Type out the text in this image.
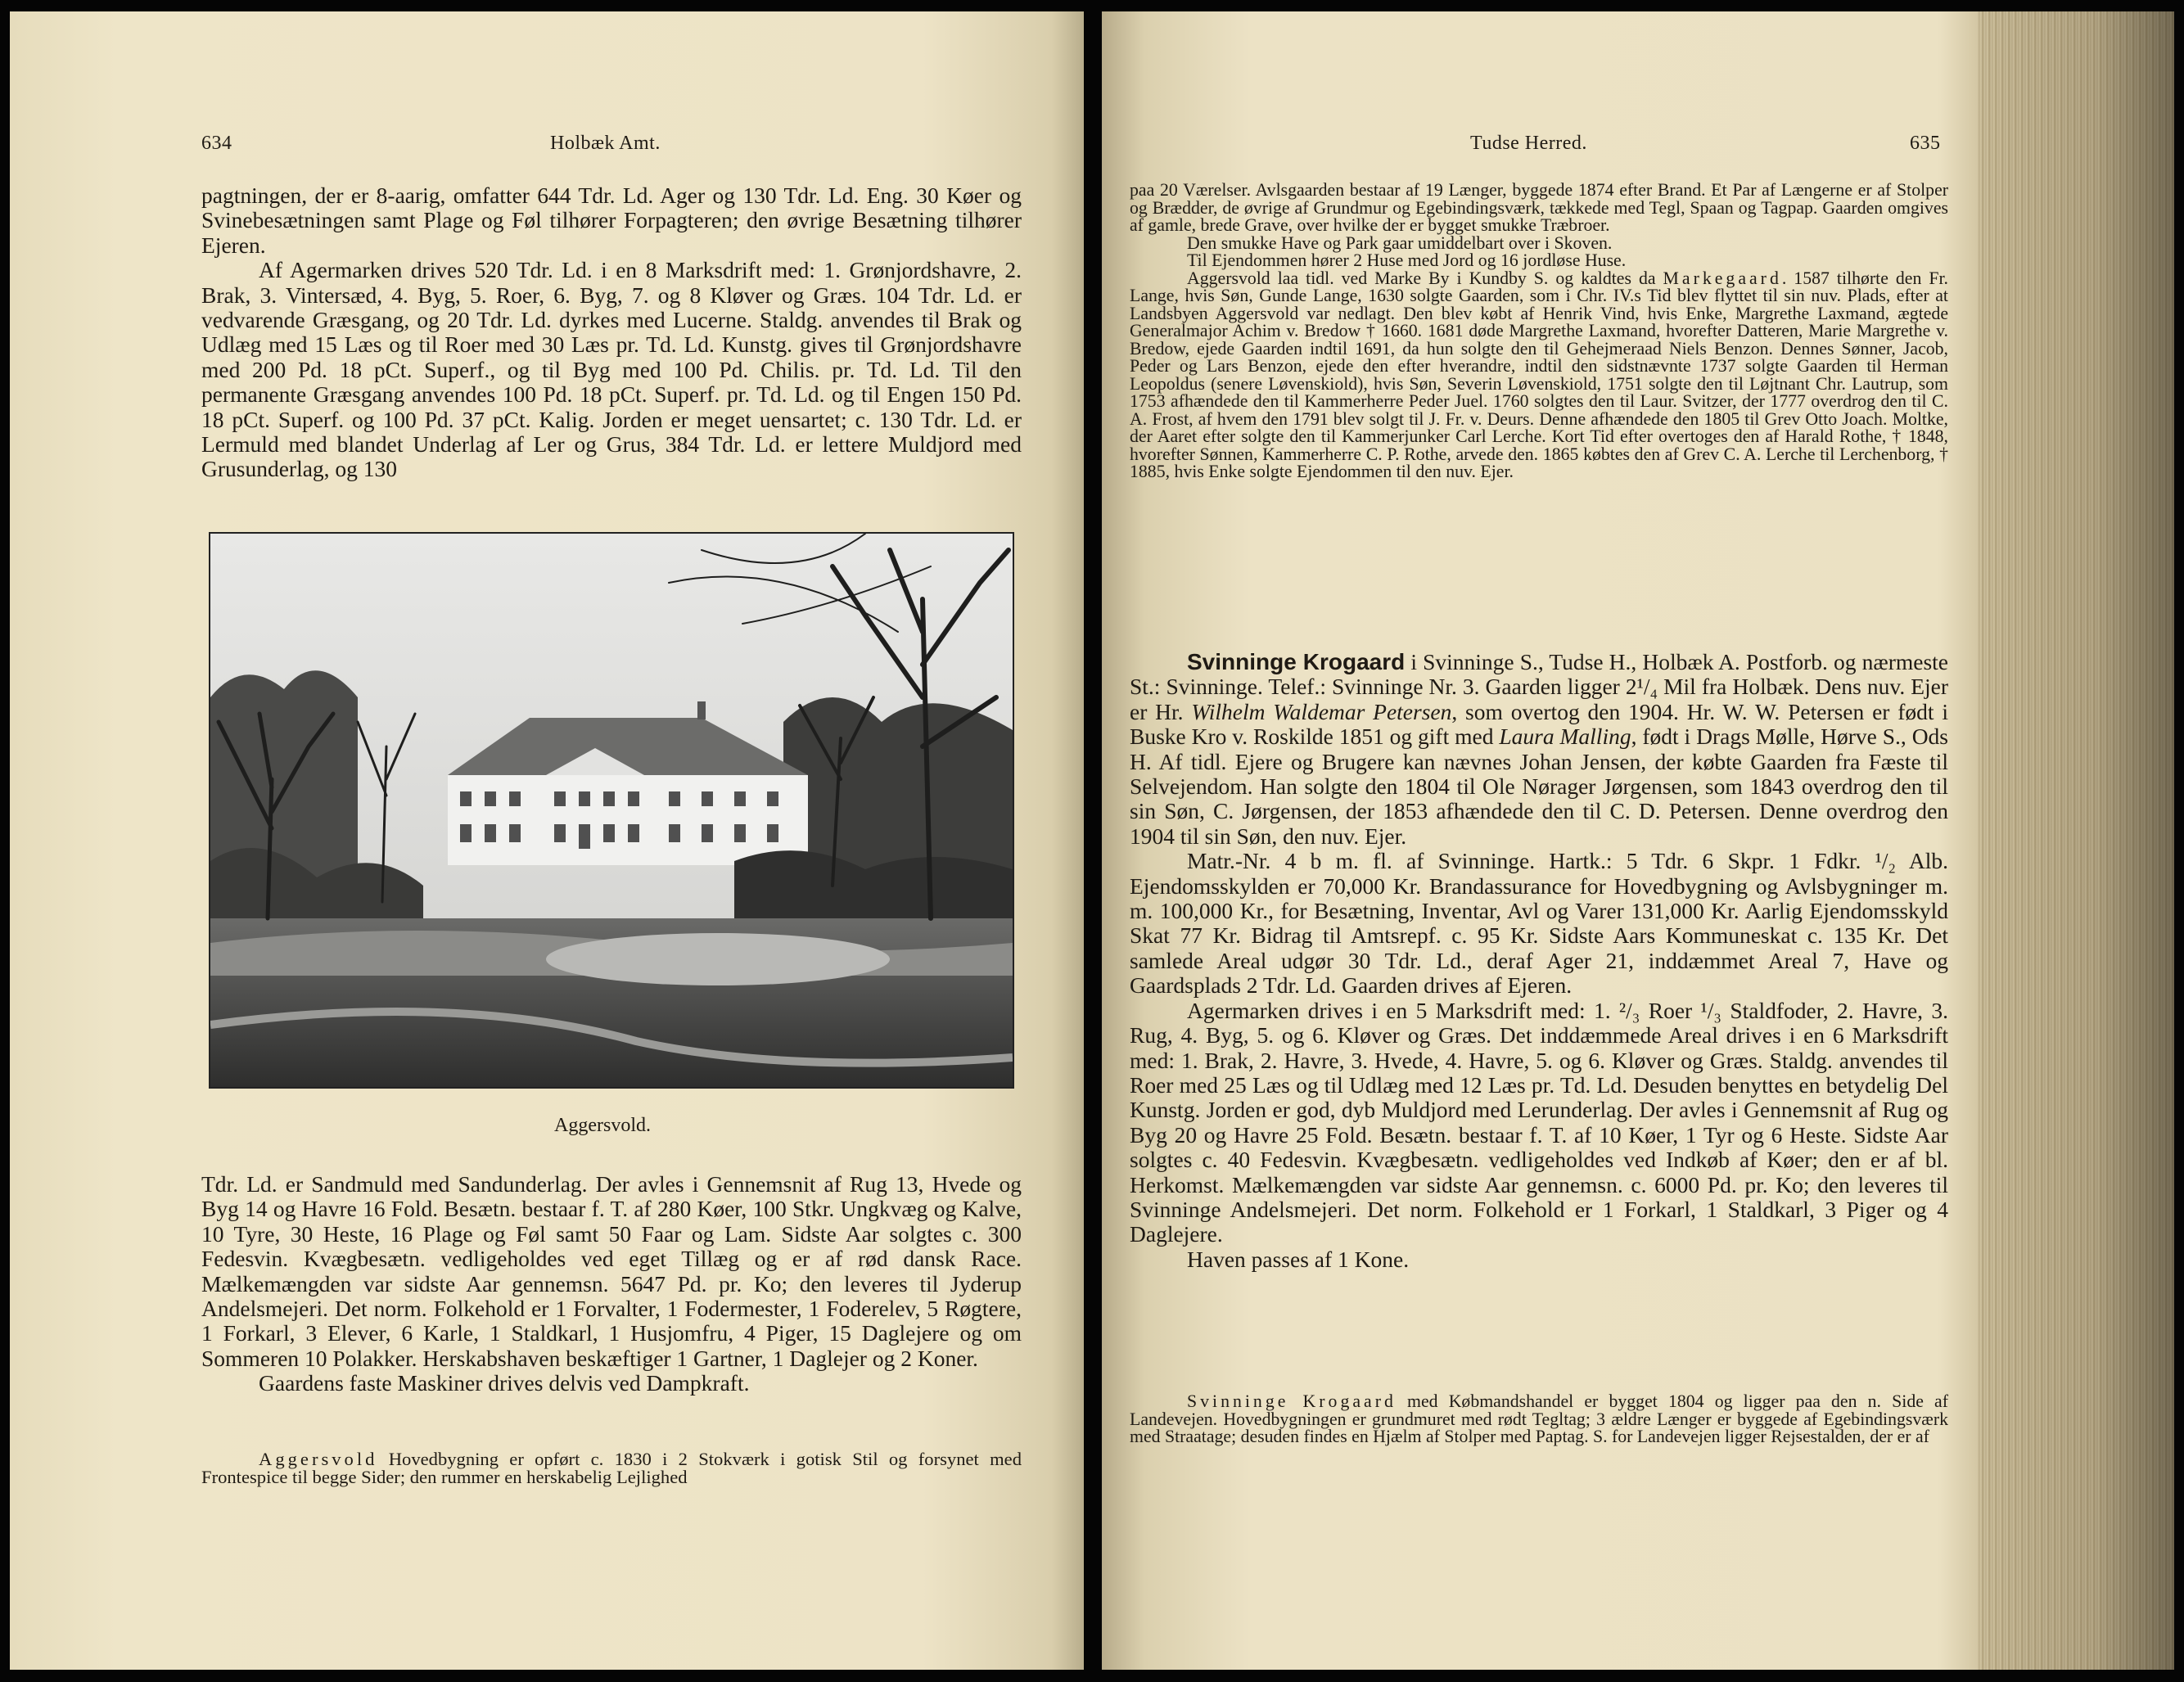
634	Holbæk Amt.

pagtningen, der er 8-aarig, omfatter 644 Tdr. Ld. Ager og 130 Tdr. Ld. Eng. 30 Køer og Svinebesætningen samt Plage og Føl tilhører Forpagteren; den øvrige Besætning tilhører Ejeren.

Af Agermarken drives 520 Tdr. Ld. i en 8 Marksdrift med: 1. Grønjordshavre, 2. Brak, 3. Vintersæd, 4. Byg, 5. Roer, 6. Byg, 7. og 8 Kløver og Græs. 104 Tdr. Ld. er vedvarende Græsgang, og 20 Tdr. Ld. dyrkes med Lucerne. Staldg. anvendes til Brak og Udlæg med 15 Læs og til Roer med 30 Læs pr. Td. Ld. Kunstg. gives til Grønjordshavre med 200 Pd. 18 pCt. Superf., og til Byg med 100 Pd. Chilis. pr. Td. Ld. Til den permanente Græsgang anvendes 100 Pd. 18 pCt. Superf. pr. Td. Ld. og til Engen 150 Pd. 18 pCt. Superf. og 100 Pd. 37 pCt. Kalig. Jorden er meget uensartet; c. 130 Tdr. Ld. er Lermuld med blandet Underlag af Ler og Grus, 384 Tdr. Ld. er lettere Muldjord med Grusunderlag, og 130

Aggersvold.

Tdr. Ld. er Sandmuld med Sandunderlag. Der avles i Gennemsnit af Rug 13, Hvede og Byg 14 og Havre 16 Fold. Besætn. bestaar f. T. af 280 Køer, 100 Stkr. Ungkvæg og Kalve, 10 Tyre, 30 Heste, 16 Plage og Føl samt 50 Faar og Lam. Sidste Aar solgtes c. 300 Fedesvin. Kvægbesætn. vedligeholdes ved eget Tillæg og er af rød dansk Race. Mælkemængden var sidste Aar gennemsn. 5647 Pd. pr. Ko; den leveres til Jyderup Andelsmejeri. Det norm. Folkehold er 1 Forvalter, 1 Fodermester, 1 Foderelev, 5 Røgtere, 1 Forkarl, 3 Elever, 6 Karle, 1 Staldkarl, 1 Husjomfru, 4 Piger, 15 Daglejere og om Sommeren 10 Polakker. Herskabshaven beskæftiger 1 Gartner, 1 Daglejer og 2 Koner.

Gaardens faste Maskiner drives delvis ved Dampkraft.

Aggersvold Hovedbygning er opført c. 1830 i 2 Stokværk i gotisk Stil og forsynet med Frontespice til begge Sider; den rummer en herskabelig Lejlighed

Tudse Herred.	635

paa 20 Værelser. Avlsgaarden bestaar af 19 Længer, byggede 1874 efter Brand. Et Par af Længerne er af Stolper og Brædder, de øvrige af Grundmur og Egebindingsværk, tækkede med Tegl, Spaan og Tagpap. Gaarden omgives af gamle, brede Grave, over hvilke der er bygget smukke Træbroer.

Den smukke Have og Park gaar umiddelbart over i Skoven.

Til Ejendommen hører 2 Huse med Jord og 16 jordløse Huse.

Aggersvold laa tidl. ved Marke By i Kundby S. og kaldtes da Markegaard. 1587 tilhørte den Fr. Lange, hvis Søn, Gunde Lange, 1630 solgte Gaarden, som i Chr. IV.s Tid blev flyttet til sin nuv. Plads, efter at Landsbyen Aggersvold var nedlagt. Den blev købt af Henrik Vind, hvis Enke, Margrethe Laxmand, ægtede Generalmajor Achim v. Bredow † 1660. 1681 døde Margrethe Laxmand, hvorefter Datteren, Marie Margrethe v. Bredow, ejede Gaarden indtil 1691, da hun solgte den til Gehejmeraad Niels Benzon. Dennes Sønner, Jacob, Peder og Lars Benzon, ejede den efter hverandre, indtil den sidstnævnte 1737 solgte Gaarden til Herman Leopoldus (senere Løvenskiold), hvis Søn, Severin Løvenskiold, 1751 solgte den til Løjtnant Chr. Lautrup, som 1753 afhændede den til Kammerherre Peder Juel. 1760 solgtes den til Laur. Svitzer, der 1777 overdrog den til C. A. Frost, af hvem den 1791 blev solgt til J. Fr. v. Deurs. Denne afhændede den 1805 til Grev Otto Joach. Moltke, der Aaret efter solgte den til Kammerjunker Carl Lerche. Kort Tid efter overtoges den af Harald Rothe, † 1848, hvorefter Sønnen, Kammerherre C. P. Rothe, arvede den. 1865 købtes den af Grev C. A. Lerche til Lerchenborg, † 1885, hvis Enke solgte Ejendommen til den nuv. Ejer.

Svinninge Krogaard i Svinninge S., Tudse H., Holbæk A. Postforb. og nærmeste St.: Svinninge. Telef.: Svinninge Nr. 3. Gaarden ligger 2¹/₄ Mil fra Holbæk. Dens nuv. Ejer er Hr. Wilhelm Waldemar Petersen, som overtog den 1904. Hr. W. W. Petersen er født i Buske Kro v. Roskilde 1851 og gift med Laura Malling, født i Drags Mølle, Hørve S., Ods H. Af tidl. Ejere og Brugere kan nævnes Johan Jensen, der købte Gaarden fra Fæste til Selvejendom. Han solgte den 1804 til Ole Nørager Jørgensen, som 1843 overdrog den til sin Søn, C. Jørgensen, der 1853 afhændede den til C. D. Petersen. Denne overdrog den 1904 til sin Søn, den nuv. Ejer.

Matr.-Nr. 4 b m. fl. af Svinninge. Hartk.: 5 Tdr. 6 Skpr. 1 Fdkr. ¹/₂ Alb. Ejendomsskylden er 70,000 Kr. Brandassurance for Hovedbygning og Avlsbygninger m. m. 100,000 Kr., for Besætning, Inventar, Avl og Varer 131,000 Kr. Aarlig Ejendomsskyld Skat 77 Kr. Bidrag til Amtsrepf. c. 95 Kr. Sidste Aars Kommuneskat c. 135 Kr. Det samlede Areal udgør 30 Tdr. Ld., deraf Ager 21, inddæmmet Areal 7, Have og Gaardsplads 2 Tdr. Ld. Gaarden drives af Ejeren.

Agermarken drives i en 5 Marksdrift med: 1. ²/₃ Roer ¹/₃ Staldfoder, 2. Havre, 3. Rug, 4. Byg, 5. og 6. Kløver og Græs. Det inddæmmede Areal drives i en 6 Marksdrift med: 1. Brak, 2. Havre, 3. Hvede, 4. Havre, 5. og 6. Kløver og Græs. Staldg. anvendes til Roer med 25 Læs og til Udlæg med 12 Læs pr. Td. Ld. Desuden benyttes en betydelig Del Kunstg. Jorden er god, dyb Muldjord med Lerunderlag. Der avles i Gennemsnit af Rug og Byg 20 og Havre 25 Fold. Besætn. bestaar f. T. af 10 Køer, 1 Tyr og 6 Heste. Sidste Aar solgtes c. 40 Fedesvin. Kvægbesætn. vedligeholdes ved Indkøb af Køer; den er af bl. Herkomst. Mælkemængden var sidste Aar gennemsn. c. 6000 Pd. pr. Ko; den leveres til Svinninge Andelsmejeri. Det norm. Folkehold er 1 Forkarl, 1 Staldkarl, 3 Piger og 4 Daglejere.

Haven passes af 1 Kone.

Svinninge Krogaard med Købmandshandel er bygget 1804 og ligger paa den n. Side af Landevejen. Hovedbygningen er grundmuret med rødt Tegltag; 3 ældre Længer er byggede af Egebindingsværk med Straatage; desuden findes en Hjælm af Stolper med Paptag. S. for Landevejen ligger Rejsestalden, der er af
